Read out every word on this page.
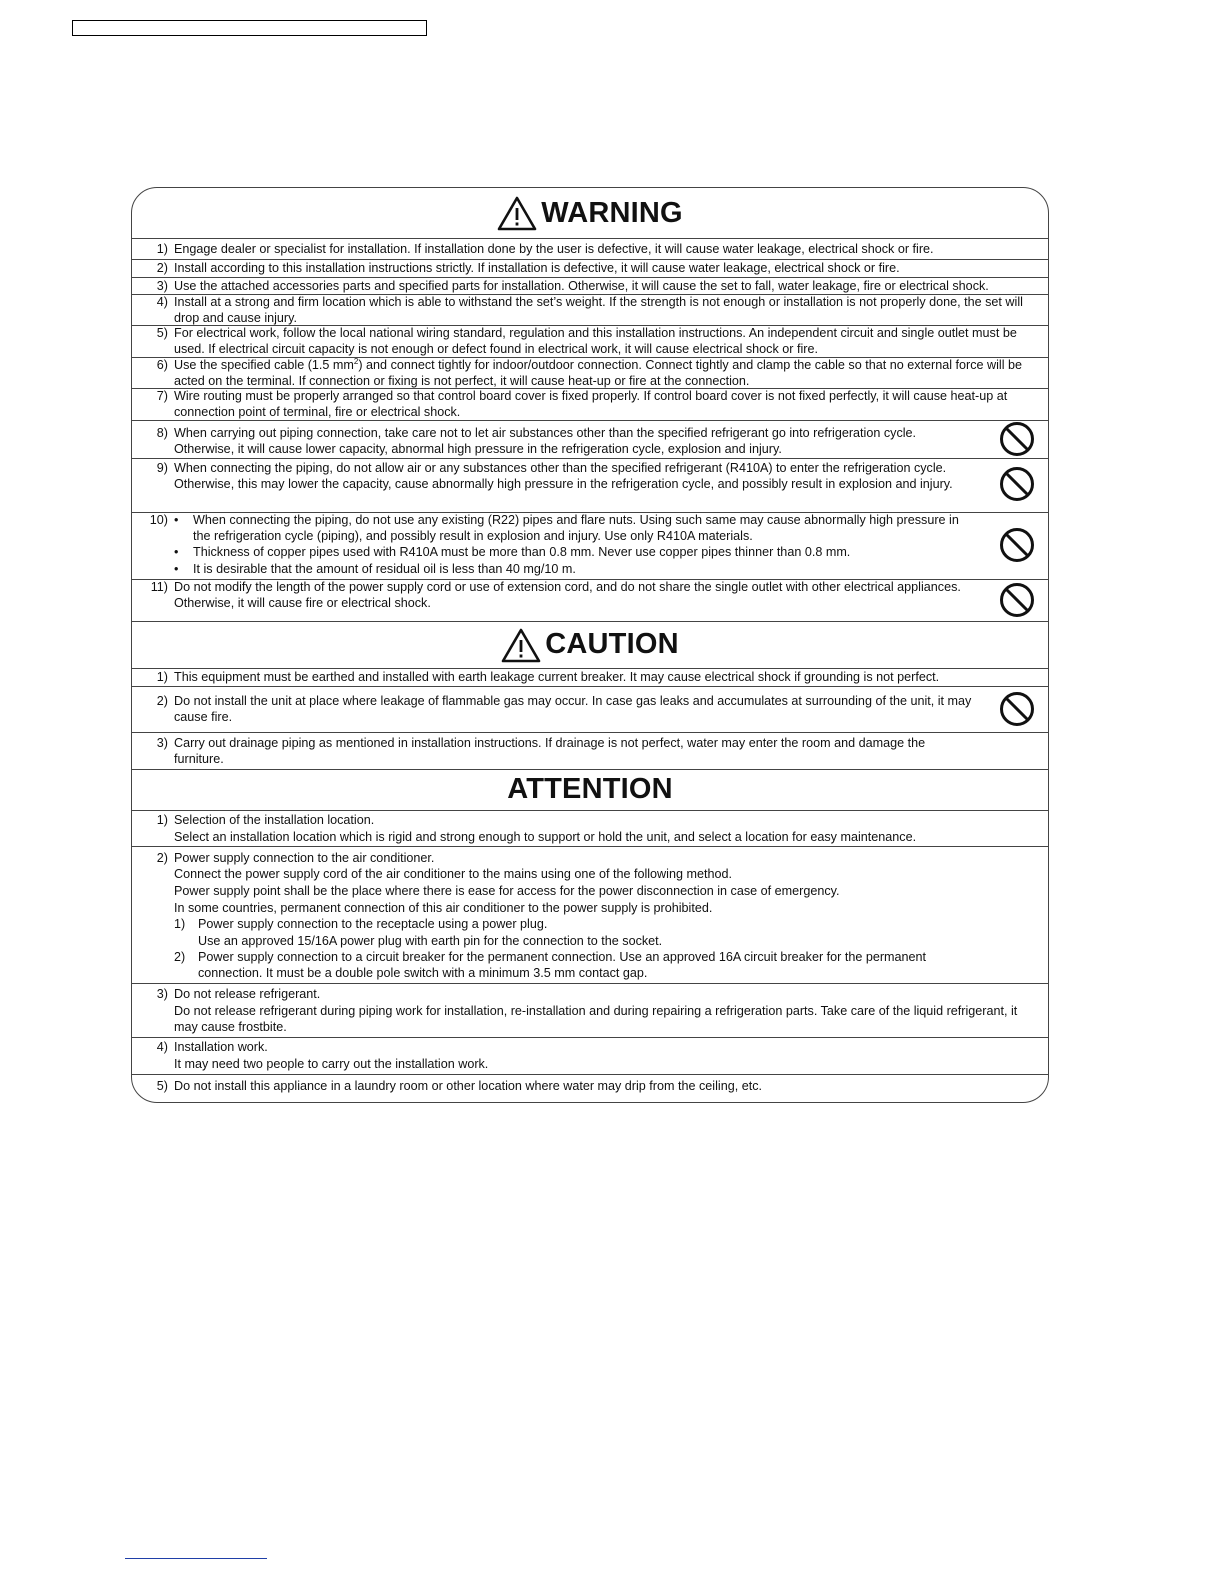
WARNING
1) Engage dealer or specialist for installation. If installation done by the user is defective, it will cause water leakage, electrical shock or fire.
2) Install according to this installation instructions strictly. If installation is defective, it will cause water leakage, electrical shock or fire.
3) Use the attached accessories parts and specified parts for installation. Otherwise, it will cause the set to fall, water leakage, fire or electrical shock.
4) Install at a strong and firm location which is able to withstand the set’s weight. If the strength is not enough or installation is not properly done, the set will drop and cause injury.
5) For electrical work, follow the local national wiring standard, regulation and this installation instructions. An independent circuit and single outlet must be used. If electrical circuit capacity is not enough or defect found in electrical work, it will cause electrical shock or fire.
6) Use the specified cable (1.5 $mm^2$) and connect tightly for indoor/outdoor connection. Connect tightly and clamp the cable so that no external force will be acted on the terminal. If connection or fixing is not perfect, it will cause heat-up or fire at the connection.
7) Wire routing must be properly arranged so that control board cover is fixed properly. If control board cover is not fixed perfectly, it will cause heat-up at connection point of terminal, fire or electrical shock.
8) When carrying out piping connection, take care not to let air substances other than the specified refrigerant go into refrigeration cycle. Otherwise, it will cause lower capacity, abnormal high pressure in the refrigeration cycle, explosion and injury.
9) When connecting the piping, do not allow air or any substances other than the specified refrigerant (R410A) to enter the refrigeration cycle. Otherwise, this may lower the capacity, cause abnormally high pressure in the refrigeration cycle, and possibly result in explosion and injury.
10) •	When connecting the piping, do not use any existing (R22) pipes and flare nuts. Using such same may cause abnormally high pressure in the refrigeration cycle (piping), and possibly result in explosion and injury. Use only R410A materials.
•	Thickness of copper pipes used with R410A must be more than 0.8 mm. Never use copper pipes thinner than 0.8 mm.
•	It is desirable that the amount of residual oil is less than 40 mg/10 m.
11) Do not modify the length of the power supply cord or use of extension cord, and do not share the single outlet with other electrical appliances. Otherwise, it will cause fire or electrical shock.
CAUTION
1) This equipment must be earthed and installed with earth leakage current breaker. It may cause electrical shock if grounding is not perfect.
2) Do not install the unit at place where leakage of flammable gas may occur. In case gas leaks and accumulates at surrounding of the unit, it may cause fire.
3) Carry out drainage piping as mentioned in installation instructions. If drainage is not perfect, water may enter the room and damage the furniture.
ATTENTION
1) Selection of the installation location.
Select an installation location which is rigid and strong enough to support or hold the unit, and select a location for easy maintenance.
2) Power supply connection to the air conditioner.
Connect the power supply cord of the air conditioner to the mains using one of the following method.
Power supply point shall be the place where there is ease for access for the power disconnection in case of emergency.
In some countries, permanent connection of this air conditioner to the power supply is prohibited.
1) Power supply connection to the receptacle using a power plug.
Use an approved 15/16A power plug with earth pin for the connection to the socket.
2) Power supply connection to a circuit breaker for the permanent connection. Use an approved 16A circuit breaker for the permanent connection. It must be a double pole switch with a minimum 3.5 mm contact gap.
3) Do not release refrigerant.
Do not release refrigerant during piping work for installation, re-installation and during repairing a refrigeration parts. Take care of the liquid refrigerant, it may cause frostbite.
4) Installation work.
It may need two people to carry out the installation work.
5) Do not install this appliance in a laundry room or other location where water may drip from the ceiling, etc.
